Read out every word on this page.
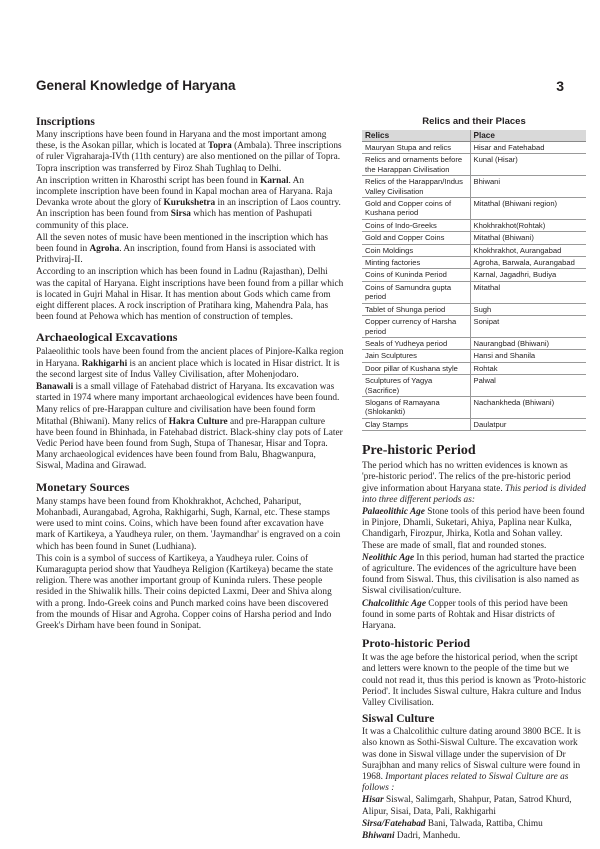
General Knowledge of Haryana	3
Inscriptions

Many inscriptions have been found in Haryana and the most important among these, is the Asokan pillar, which is located at Topra (Ambala). Three inscriptions of ruler Vigraharaja-IVth (11th century) are also mentioned on the pillar of Topra. Topra inscription was transferred by Firoz Shah Tughlaq to Delhi.

An inscription written in Kharosthi script has been found in Karnal. An incomplete inscription have been found in Kapal mochan area of Haryana. Raja Devanka wrote about the glory of Kurukshetra in an inscription of Laos country. An inscription has been found from Sirsa which has mention of Pashupati community of this place.

All the seven notes of music have been mentioned in the inscription which has been found in Agroha. An inscription, found from Hansi is associated with Prithviraj-II.

According to an inscription which has been found in Ladnu (Rajasthan), Delhi was the capital of Haryana. Eight inscriptions have been found from a pillar which is located in Gujri Mahal in Hisar. It has mention about Gods which came from eight different places. A rock inscription of Pratihara king, Mahendra Pala, has been found at Pehowa which has mention of construction of temples.

Archaeological Excavations

Palaeolithic tools have been found from the ancient places of Pinjore-Kalka region in Haryana. Rakhigarhi is an ancient place which is located in Hisar district. It is the second largest site of Indus Valley Civilisation, after Mohenjodaro.

Banawali is a small village of Fatehabad district of Haryana. Its excavation was started in 1974 where many important archaeological evidences have been found.

Many relics of pre-Harappan culture and civilisation have been found form Mitathal (Bhiwani). Many relics of Hakra Culture and pre-Harappan culture have been found in Bhinhada, in Fatehabad district. Black-shiny clay pots of Later Vedic Period have been found from Sugh, Stupa of Thanesar, Hisar and Topra. Many archaeological evidences have been found from Balu, Bhagwanpura, Siswal, Madina and Girawad.

Monetary Sources

Many stamps have been found from Khokhrakhot, Achched, Pahariput, Mohanbadi, Aurangabad, Agroha, Rakhigarhi, Sugh, Karnal, etc. These stamps were used to mint coins. Coins, which have been found after excavation have mark of Kartikeya, a Yaudheya ruler, on them. 'Jaymandhar' is engraved on a coin which has been found in Sunet (Ludhiana).

This coin is a symbol of success of Kartikeya, a Yaudheya ruler. Coins of Kumaragupta period show that Yaudheya Religion (Kartikeya) became the state religion. There was another important group of Kuninda rulers. These people resided in the Shiwalik hills. Their coins depicted Laxmi, Deer and Shiva along with a prong. Indo-Greek coins and Punch marked coins have been discovered from the mounds of Hisar and Agroha. Copper coins of Harsha period and Indo Greek's Dirham have been found in Sonipat.

Relics and their Places
Relics	Place
Mauryan Stupa and relics	Hisar and Fatehabad
Relics and ornaments before the Harappan Civilisation	Kunal (Hisar)
Relics of the Harappan/Indus Valley Civilisation	Bhiwani
Gold and Copper coins of Kushana period	Mitathal (Bhiwani region)
Coins of Indo-Greeks	Khokhrakhot(Rohtak)
Gold and Copper Coins	Mitathal (Bhiwani)
Coin Moldings	Khokhrakhot, Aurangabad
Minting factories	Agroha, Barwala, Aurangabad
Coins of Kuninda Period	Karnal, Jagadhri, Budiya
Coins of Samundra gupta period	Mitathal
Tablet of Shunga period	Sugh
Copper currency of Harsha period	Sonipat
Seals of Yudheya period	Naurangbad (Bhiwani)
Jain Sculptures	Hansi and Shanila
Door pillar of Kushana style	Rohtak
Sculptures of Yagya (Sacrifice)	Palwal
Slogans of Ramayana (Shlokankti)	Nachankheda (Bhiwani)
Clay Stamps	Daulatpur
Pre-historic Period

The period which has no written evidences is known as 'pre-historic period'. The relics of the pre-historic period give information about Haryana state. This period is divided into three different periods as:

Palaeolithic Age Stone tools of this period have been found in Pinjore, Dhamli, Suketari, Ahiya, Paplina near Kulka, Chandigarh, Firozpur, Jhirka, Kotla and Sohan valley. These are made of small, flat and rounded stones.

Neolithic Age In this period, human had started the practice of agriculture. The evidences of the agriculture have been found from Siswal. Thus, this civilisation is also named as Siswal civilisation/culture.

Chalcolithic Age Copper tools of this period have been found in some parts of Rohtak and Hisar districts of Haryana.

Proto-historic Period

It was the age before the historical period, when the script and letters were known to the people of the time but we could not read it, thus this period is known as 'Proto-historic Period'. It includes Siswal culture, Hakra culture and Indus Valley Civilisation.

Siswal Culture

It was a Chalcolithic culture dating around 3800 BCE. It is also known as Sothi-Siswal Culture. The excavation work was done in Siswal village under the supervision of Dr Surajbhan and many relics of Siswal culture were found in 1968. Important places related to Siswal Culture are as follows :

Hisar Siswal, Salimgarh, Shahpur, Patan, Satrod Khurd, Alipur, Sisai, Data, Pali, Rakhigarhi

Sirsa/Fatehabad Bani, Talwada, Rattiba, Chimu

Bhiwani Dadri, Manhedu.
